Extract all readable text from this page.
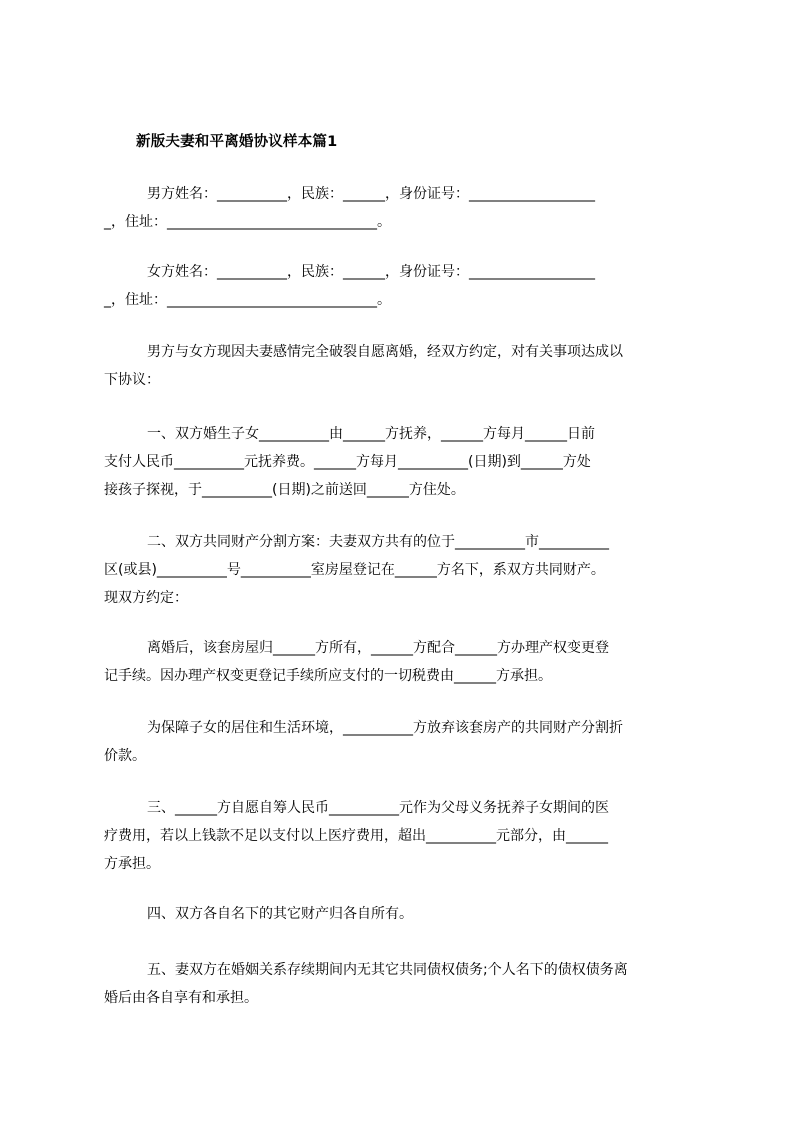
新版夫妻和平离婚协议样本篇1
男方姓名：__________，民族：______，身份证号：__________________
_，住址：______________________________。
女方姓名：__________，民族：______，身份证号：__________________
_，住址：______________________________。
男方与女方现因夫妻感情完全破裂自愿离婚，经双方约定，对有关事项达成以
下协议：
一、双方婚生子女__________由______方抚养，______方每月______日前
支付人民币__________元抚养费。______方每月__________(日期)到______方处
接孩子探视，于__________(日期)之前送回______方住处。
二、双方共同财产分割方案：夫妻双方共有的位于__________市__________
区(或县)__________号__________室房屋登记在______方名下，系双方共同财产。
现双方约定：
离婚后，该套房屋归______方所有，______方配合______方办理产权变更登
记手续。因办理产权变更登记手续所应支付的一切税费由______方承担。
为保障子女的居住和生活环境，__________方放弃该套房产的共同财产分割折
价款。
三、______方自愿自筹人民币__________元作为父母义务抚养子女期间的医
疗费用，若以上钱款不足以支付以上医疗费用，超出__________元部分，由______
方承担。
四、双方各自名下的其它财产归各自所有。
五、妻双方在婚姻关系存续期间内无其它共同债权债务;个人名下的债权债务离
婚后由各自享有和承担。
